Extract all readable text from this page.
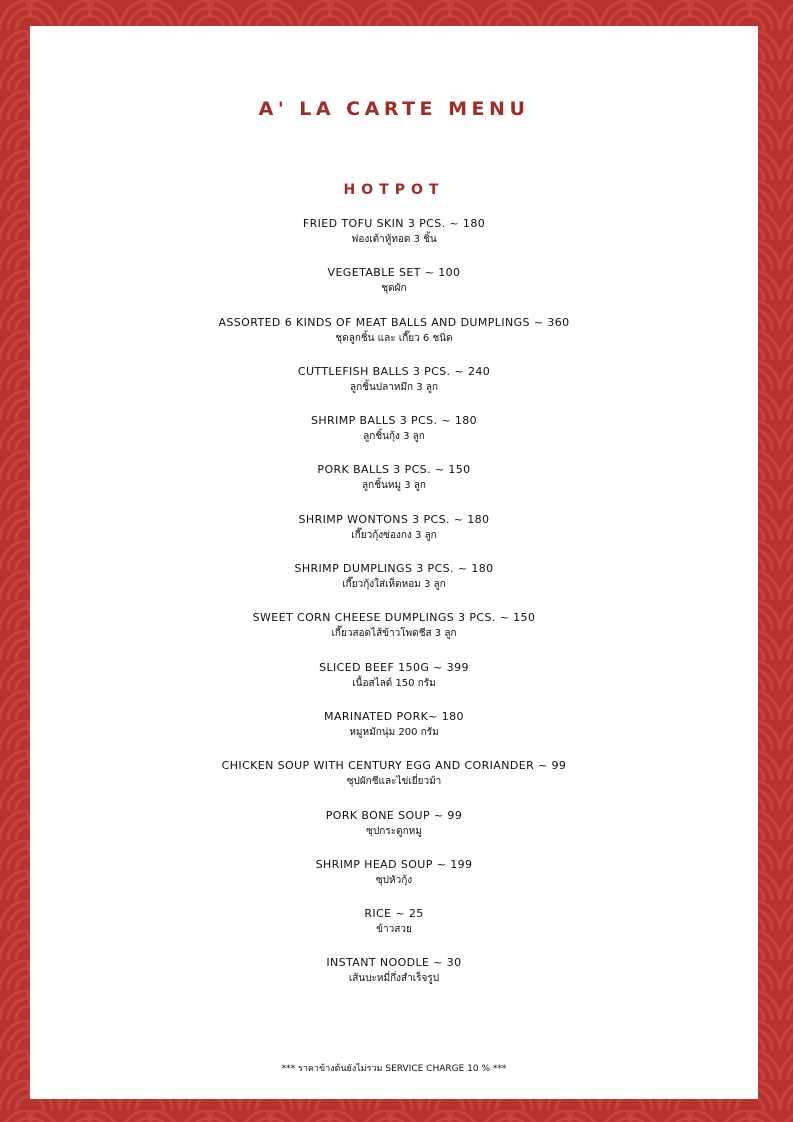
A' LA CARTE MENU
HOTPOT
FRIED TOFU SKIN 3 PCS. ~ 180
ฟองเต้าหู้ทอด 3 ชิ้น
VEGETABLE SET ~ 100
ชุดผัก
ASSORTED 6 KINDS OF MEAT BALLS AND DUMPLINGS ~ 360
ชุดลูกชิ้น และ เกี๊ยว 6 ชนิด
CUTTLEFISH BALLS 3 PCS. ~ 240
ลูกชิ้นปลาหมึก 3 ลูก
SHRIMP BALLS 3 PCS. ~ 180
ลูกชิ้นกุ้ง 3 ลูก
PORK BALLS 3 PCS. ~ 150
ลูกชิ้นหมู 3 ลูก
SHRIMP WONTONS 3 PCS. ~ 180
เกี๊ยวกุ้งซ่องกง 3 ลูก
SHRIMP DUMPLINGS 3 PCS. ~ 180
เกี๊ยวกุ้งใส่เห็ดหอม 3 ลูก
SWEET CORN CHEESE DUMPLINGS 3 PCS. ~ 150
เกี๊ยวสอดไส้ข้าวโพดชีส 3 ลูก
SLICED BEEF 150G ~ 399
เนื้อสไลด์ 150 กรัม
MARINATED PORK~ 180
หมูหมักนุ่ม 200 กรัม
CHICKEN SOUP WITH CENTURY EGG AND CORIANDER ~ 99
ซุปผักชีและไข่เยี่ยวม้า
PORK BONE SOUP ~ 99
ซุปกระดูกหมู
SHRIMP HEAD SOUP ~ 199
ซุปหัวกุ้ง
RICE ~ 25
ข้าวสวย
INSTANT NOODLE ~ 30
เส้นบะหมี่กึ่งสำเร็จรูป
*** ราคาข้างต้นยังไม่รวม SERVICE CHARGE 10 % ***
